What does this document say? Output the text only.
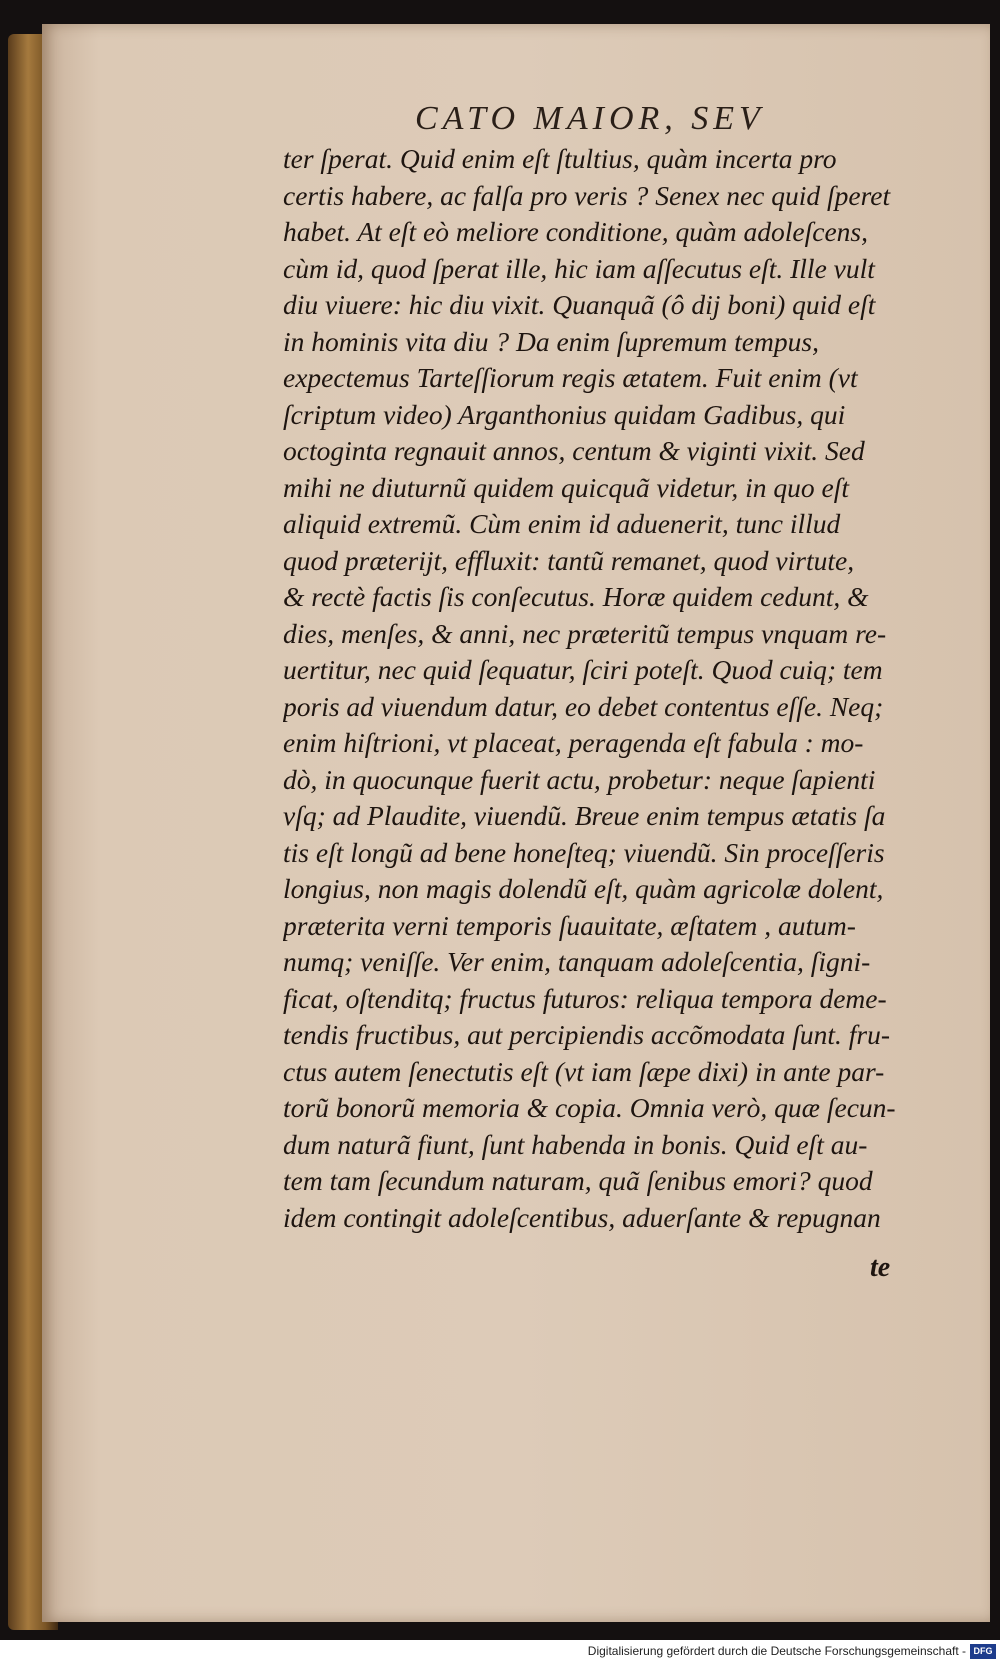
CATO MAIOR, SEV
ter ſperat. Quid enim eſt ſtultius, quàm incerta pro
certis habere, ac falſa pro veris ? Senex nec quid ſperet
habet. At eſt eò meliore conditione, quàm adoleſcens,
cùm id, quod ſperat ille, hic iam aſſecutus eſt. Ille vult
diu viuere: hic diu vixit. Quanquã (ô dij boni) quid eſt
in hominis vita diu ? Da enim ſupremum tempus,
expectemus Tarteſſiorum regis ætatem. Fuit enim (vt
ſcriptum video) Arganthonius quidam Gadibus, qui
octoginta regnauit annos, centum & viginti vixit. Sed
mihi ne diuturnũ quidem quicquã videtur, in quo eſt
aliquid extremũ. Cùm enim id aduenerit, tunc illud
quod præterijt, effluxit: tantũ remanet, quod virtute,
& rectè factis ſis conſecutus. Horæ quidem cedunt, &
dies, menſes, & anni, nec præteritũ tempus vnquam re-
uertitur, nec quid ſequatur, ſciri poteſt. Quod cuiq; tem
poris ad viuendum datur, eo debet contentus eſſe. Neq;
enim hiſtrioni, vt placeat, peragenda eſt fabula : mo-
dò, in quocunque fuerit actu, probetur: neque ſapienti
vſq; ad Plaudite, viuendũ. Breue enim tempus ætatis ſa
tis eſt longũ ad bene honeſteq; viuendũ. Sin proceſſeris
longius, non magis dolendũ eſt, quàm agricolæ dolent,
præterita verni temporis ſuauitate, æſtatem , autum-
numq; veniſſe. Ver enim, tanquam adoleſcentia, ſigni-
ficat, oſtenditq; fructus futuros: reliqua tempora deme-
tendis fructibus, aut percipiendis accõmodata ſunt. fru-
ctus autem ſenectutis eſt (vt iam ſæpe dixi) in ante par-
torũ bonorũ memoria & copia. Omnia verò, quæ ſecun-
dum naturã fiunt, ſunt habenda in bonis. Quid eſt au-
tem tam ſecundum naturam, quã ſenibus emori? quod
idem contingit adoleſcentibus, aduerſante & repugnan
te
Digitalisierung gefördert durch die Deutsche Forschungsgemeinschaft - DFG
